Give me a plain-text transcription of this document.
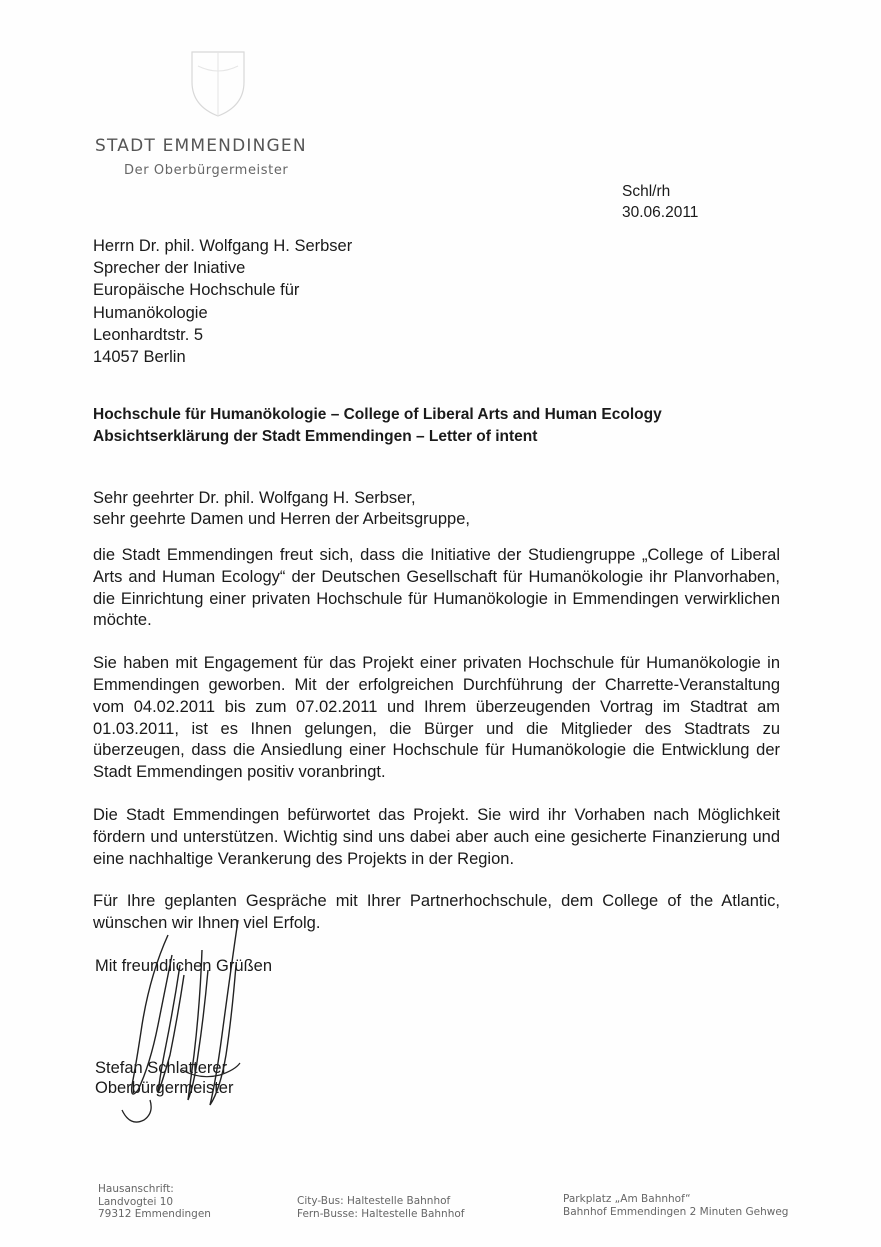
STADT EMMENDINGEN
Der Oberbürgermeister
Schl/rh
30.06.2011
Herrn Dr. phil. Wolfgang H. Serbser
Sprecher der Iniative
Europäische Hochschule für
Humanökologie
Leonhardtstr. 5
14057 Berlin
Hochschule für Humanökologie – College of Liberal Arts and Human Ecology
Absichtserklärung der Stadt Emmendingen – Letter of intent
Sehr geehrter Dr. phil. Wolfgang H. Serbser,
sehr geehrte Damen und Herren der Arbeitsgruppe,

die Stadt Emmendingen freut sich, dass die Initiative der Studiengruppe „College of Liberal Arts and Human Ecology“ der Deutschen Gesellschaft für Humanökologie ihr Planvorhaben, die Einrichtung einer privaten Hochschule für Humanökologie in Emmendingen verwirklichen möchte.

Sie haben mit Engagement für das Projekt einer privaten Hochschule für Humanökologie in Emmendingen geworben. Mit der erfolgreichen Durchführung der Charrette-Veranstaltung vom 04.02.2011 bis zum 07.02.2011 und Ihrem überzeugenden Vortrag im Stadtrat am 01.03.2011, ist es Ihnen gelungen, die Bürger und die Mitglieder des Stadtrats zu überzeugen, dass die Ansiedlung einer Hochschule für Humanökologie die Entwicklung der Stadt Emmendingen positiv voranbringt.

Die Stadt Emmendingen befürwortet das Projekt. Sie wird ihr Vorhaben nach Möglichkeit fördern und unterstützen. Wichtig sind uns dabei aber auch eine gesicherte Finanzierung und eine nachhaltige Verankerung des Projekts in der Region.

Für Ihre geplanten Gespräche mit Ihrer Partnerhochschule, dem College of the Atlantic, wünschen wir Ihnen viel Erfolg.

Mit freundlichen Grüßen
Stefan Schlatterer
Oberbürgermeister
Hausanschrift:
Landvogtei 10
79312 Emmendingen
City-Bus: Haltestelle Bahnhof
Fern-Busse: Haltestelle Bahnhof
Parkplatz „Am Bahnhof“
Bahnhof Emmendingen 2 Minuten Gehweg
